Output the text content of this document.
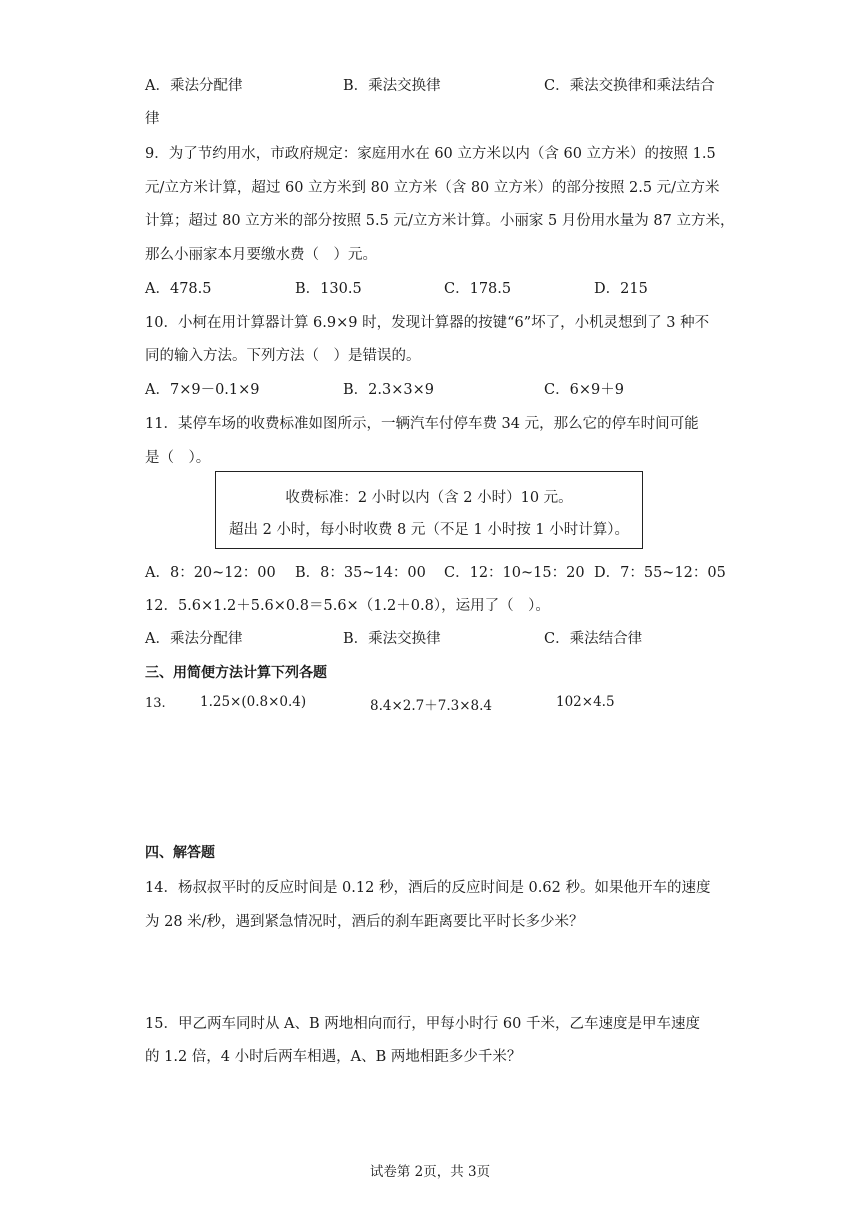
A．乘法分配律	B．乘法交换律	C．乘法交换律和乘法结合
律
9．为了节约用水，市政府规定：家庭用水在 60 立方米以内（含 60 立方米）的按照 1.5
元/立方米计算，超过 60 立方米到 80 立方米（含 80 立方米）的部分按照 2.5 元/立方米
计算；超过 80 立方米的部分按照 5.5 元/立方米计算。小丽家 5 月份用水量为 87 立方米，
那么小丽家本月要缴水费（　）元。
A．478.5	B．130.5	C．178.5	D．215
10．小柯在用计算器计算 6.9×9 时，发现计算器的按键“6”坏了，小机灵想到了 3 种不
同的输入方法。下列方法（　）是错误的。
A．7×9－0.1×9	B．2.3×3×9	C．6×9＋9
11．某停车场的收费标准如图所示，一辆汽车付停车费 34 元，那么它的停车时间可能
是（　）。
收费标准：2 小时以内（含 2 小时）10 元。
超出 2 小时，每小时收费 8 元（不足 1 小时按 1 小时计算）。
A．8：20~12：00 B．8：35~14：00 C．12：10~15：20 D．7：55~12：05
12．5.6×1.2＋5.6×0.8＝5.6×（1.2＋0.8），运用了（　）。
A．乘法分配律	B．乘法交换律	C．乘法结合律
三、用简便方法计算下列各题
13.	1.25×(0.8×0.4)	8.4×2.7＋7.3×8.4	102×4.5
四、解答题
14．杨叔叔平时的反应时间是 0.12 秒，酒后的反应时间是 0.62 秒。如果他开车的速度
为 28 米/秒，遇到紧急情况时，酒后的刹车距离要比平时长多少米？
15．甲乙两车同时从 A、B 两地相向而行，甲每小时行 60 千米，乙车速度是甲车速度
的 1.2 倍，4 小时后两车相遇，A、B 两地相距多少千米？
试卷第 2页，共 3页
